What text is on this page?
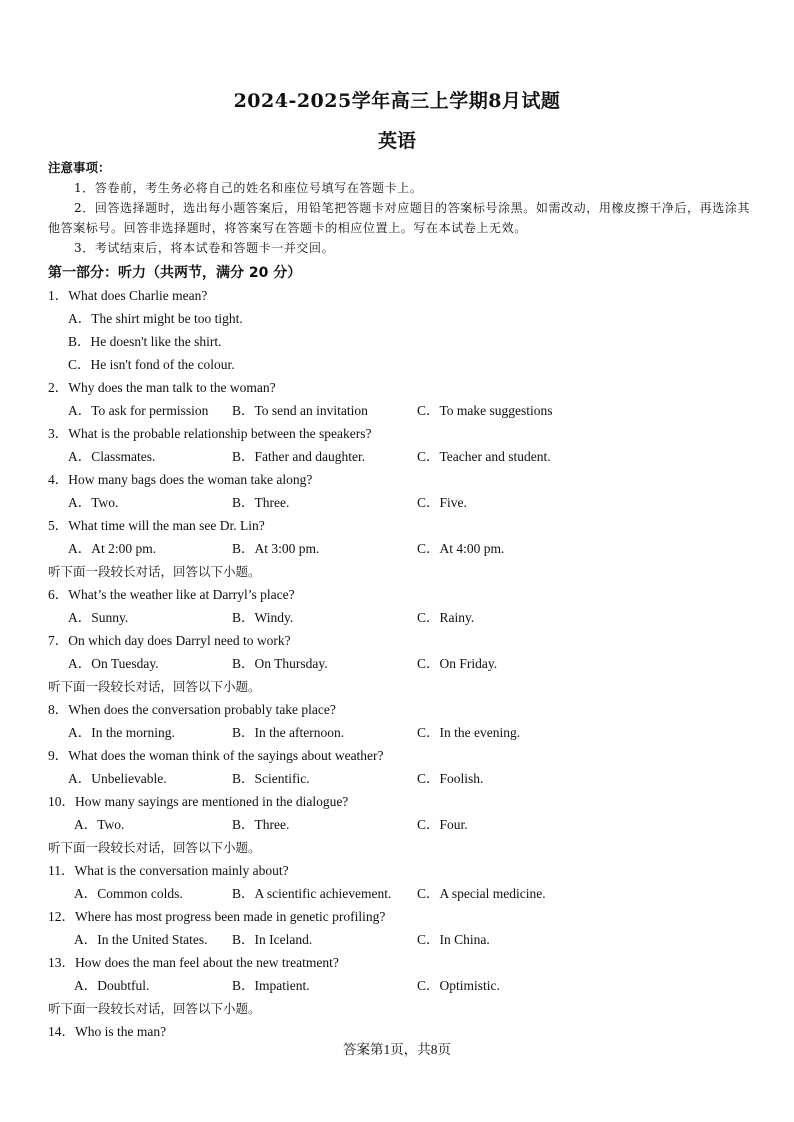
2024-2025学年高三上学期8月试题
英语
注意事项：
1．答卷前，考生务必将自己的姓名和座位号填写在答题卡上。
2．回答选择题时，选出每小题答案后，用铅笔把答题卡对应题目的答案标号涂黑。如需改动，用橡皮擦干净后，再选涂其他答案标号。回答非选择题时，将答案写在答题卡的相应位置上。写在本试卷上无效。
3．考试结束后，将本试卷和答题卡一并交回。
第一部分：听力（共两节，满分 20 分）
1．What does Charlie mean?
A．The shirt might be too tight.
B．He doesn't like the shirt.
C．He isn't fond of the colour.
2．Why does the man talk to the woman?
A．To ask for permission B．To send an invitation	C．To make suggestions
3．What is the probable relationship between the speakers?
A．Classmates.	B．Father and daughter.	C．Teacher and student.
4．How many bags does the woman take along?
A．Two.	B．Three.	C．Five.
5．What time will the man see Dr. Lin?
A．At 2:00 pm.	B．At 3:00 pm.	C．At 4:00 pm.
听下面一段较长对话，回答以下小题。
6．What’s the weather like at Darryl’s place?
A．Sunny.	B．Windy.	C．Rainy.
7．On which day does Darryl need to work?
A．On Tuesday.	B．On Thursday.	C．On Friday.
听下面一段较长对话，回答以下小题。
8．When does the conversation probably take place?
A．In the morning.	B．In the afternoon.	C．In the evening.
9．What does the woman think of the sayings about weather?
A．Unbelievable.	B．Scientific.	C．Foolish.
10．How many sayings are mentioned in the dialogue?
A．Two.	B．Three.	C．Four.
听下面一段较长对话，回答以下小题。
11．What is the conversation mainly about?
A．Common colds.	B．A scientific achievement. C．A special medicine.
12．Where has most progress been made in genetic profiling?
A．In the United States. B．In Iceland.	C．In China.
13．How does the man feel about the new treatment?
A．Doubtful.	B．Impatient.	C．Optimistic.
听下面一段较长对话，回答以下小题。
14．Who is the man?
答案第1页，共8页
